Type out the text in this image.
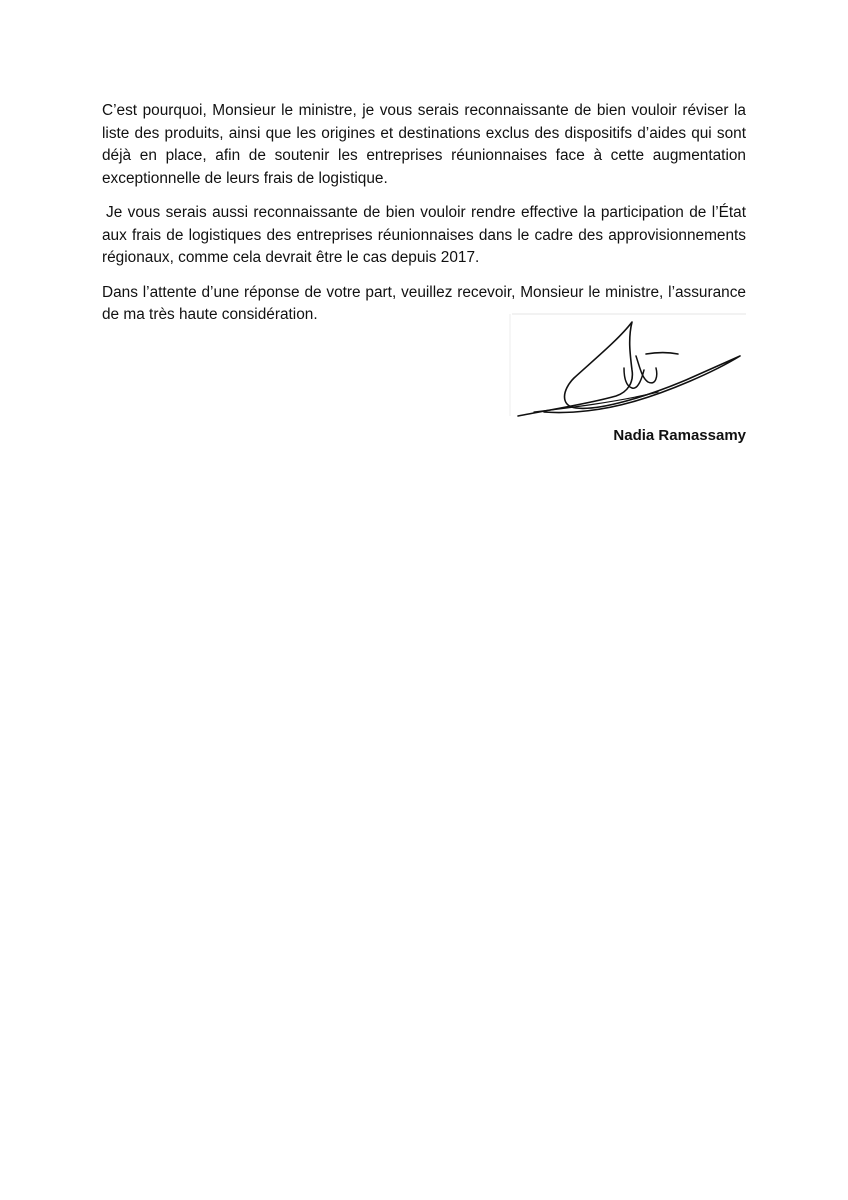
C’est pourquoi, Monsieur le ministre, je vous serais reconnaissante de bien vouloir réviser la liste des produits, ainsi que les origines et destinations exclus des dispositifs d’aides qui sont déjà en place, afin de soutenir les entreprises réunionnaises face à cette augmentation exceptionnelle de leurs frais de logistique.

Je vous serais aussi reconnaissante de bien vouloir rendre effective la participation de l’État aux frais de logistiques des entreprises réunionnaises dans le cadre des approvisionnements régionaux, comme cela devrait être le cas depuis 2017.

Dans l’attente d’une réponse de votre part, veuillez recevoir, Monsieur le ministre, l’assurance de ma très haute considération.

Nadia Ramassamy
